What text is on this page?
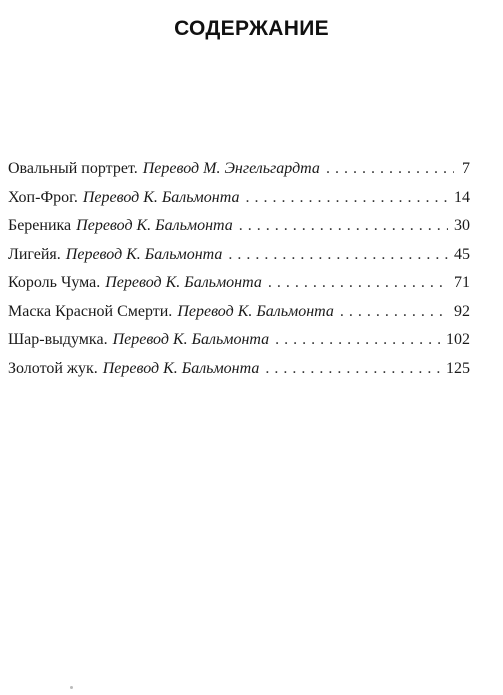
СОДЕРЖАНИЕ
Овальный портрет. Перевод М. Энгельгардта . . .	7
Хоп-Фрог. Перевод К. Бальмонта . . .	14
Береника Перевод К. Бальмонта . . .	30
Лигейя. Перевод К. Бальмонта . . .	45
Король Чума. Перевод К. Бальмонта . . .	71
Маска Красной Смерти. Перевод К. Бальмонта . . .	92
Шар-выдумка. Перевод К. Бальмонта . . .	102
Золотой жук. Перевод К. Бальмонта . . .	125
